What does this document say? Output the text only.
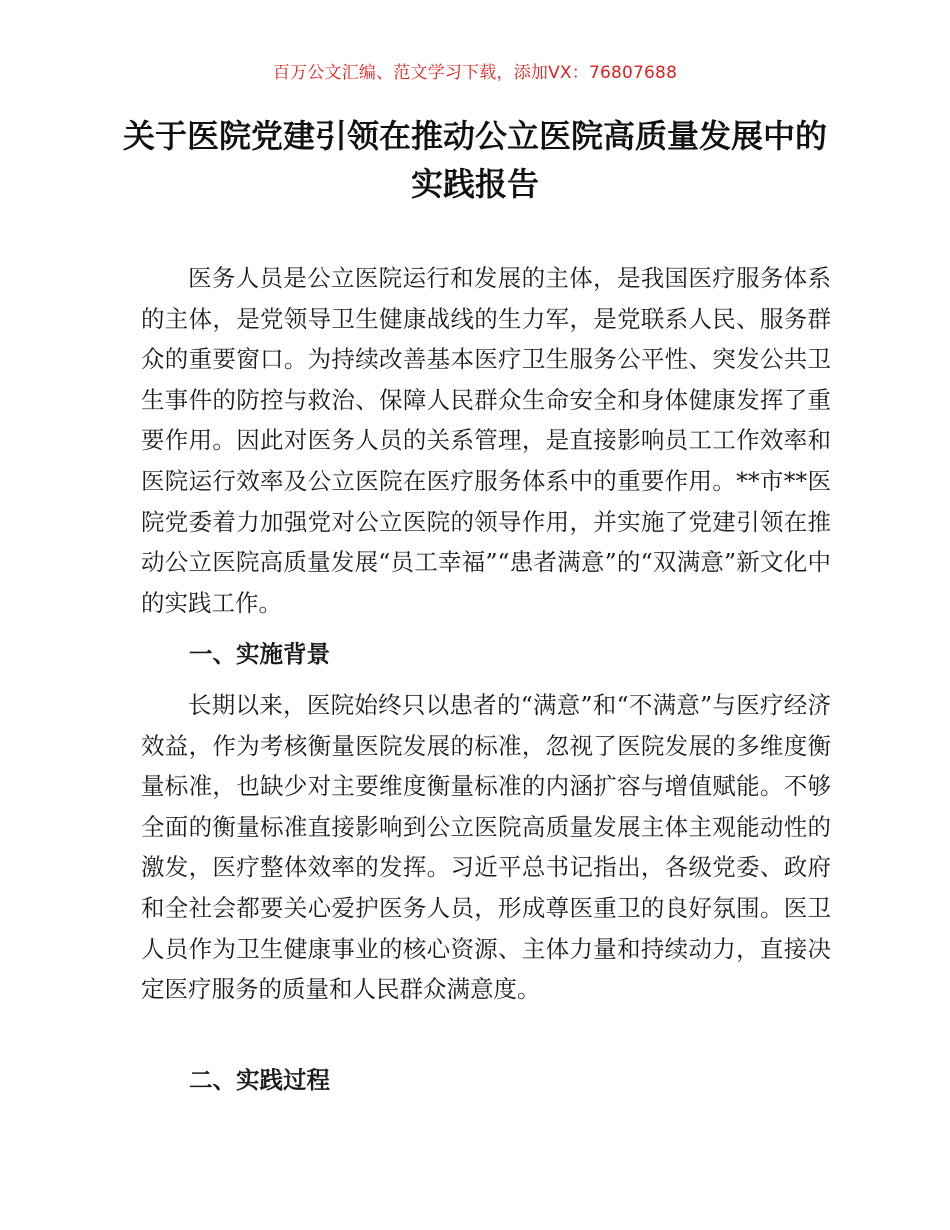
百万公文汇编、范文学习下载，添加VX：76807688
关于医院党建引领在推动公立医院高质量发展中的实践报告

医务人员是公立医院运行和发展的主体，是我国医疗服务体系的主体，是党领导卫生健康战线的生力军，是党联系人民、服务群众的重要窗口。为持续改善基本医疗卫生服务公平性、突发公共卫生事件的防控与救治、保障人民群众生命安全和身体健康发挥了重要作用。因此对医务人员的关系管理，是直接影响员工工作效率和医院运行效率及公立医院在医疗服务体系中的重要作用。**市**医院党委着力加强党对公立医院的领导作用，并实施了党建引领在推动公立医院高质量发展“员工幸福”“患者满意”的“双满意”新文化中的实践工作。

一、实施背景

长期以来，医院始终只以患者的“满意”和“不满意”与医疗经济效益，作为考核衡量医院发展的标准，忽视了医院发展的多维度衡量标准，也缺少对主要维度衡量标准的内涵扩容与增值赋能。不够全面的衡量标准直接影响到公立医院高质量发展主体主观能动性的激发，医疗整体效率的发挥。习近平总书记指出，各级党委、政府和全社会都要关心爱护医务人员，形成尊医重卫的良好氛围。医卫人员作为卫生健康事业的核心资源、主体力量和持续动力，直接决定医疗服务的质量和人民群众满意度。

二、实践过程
